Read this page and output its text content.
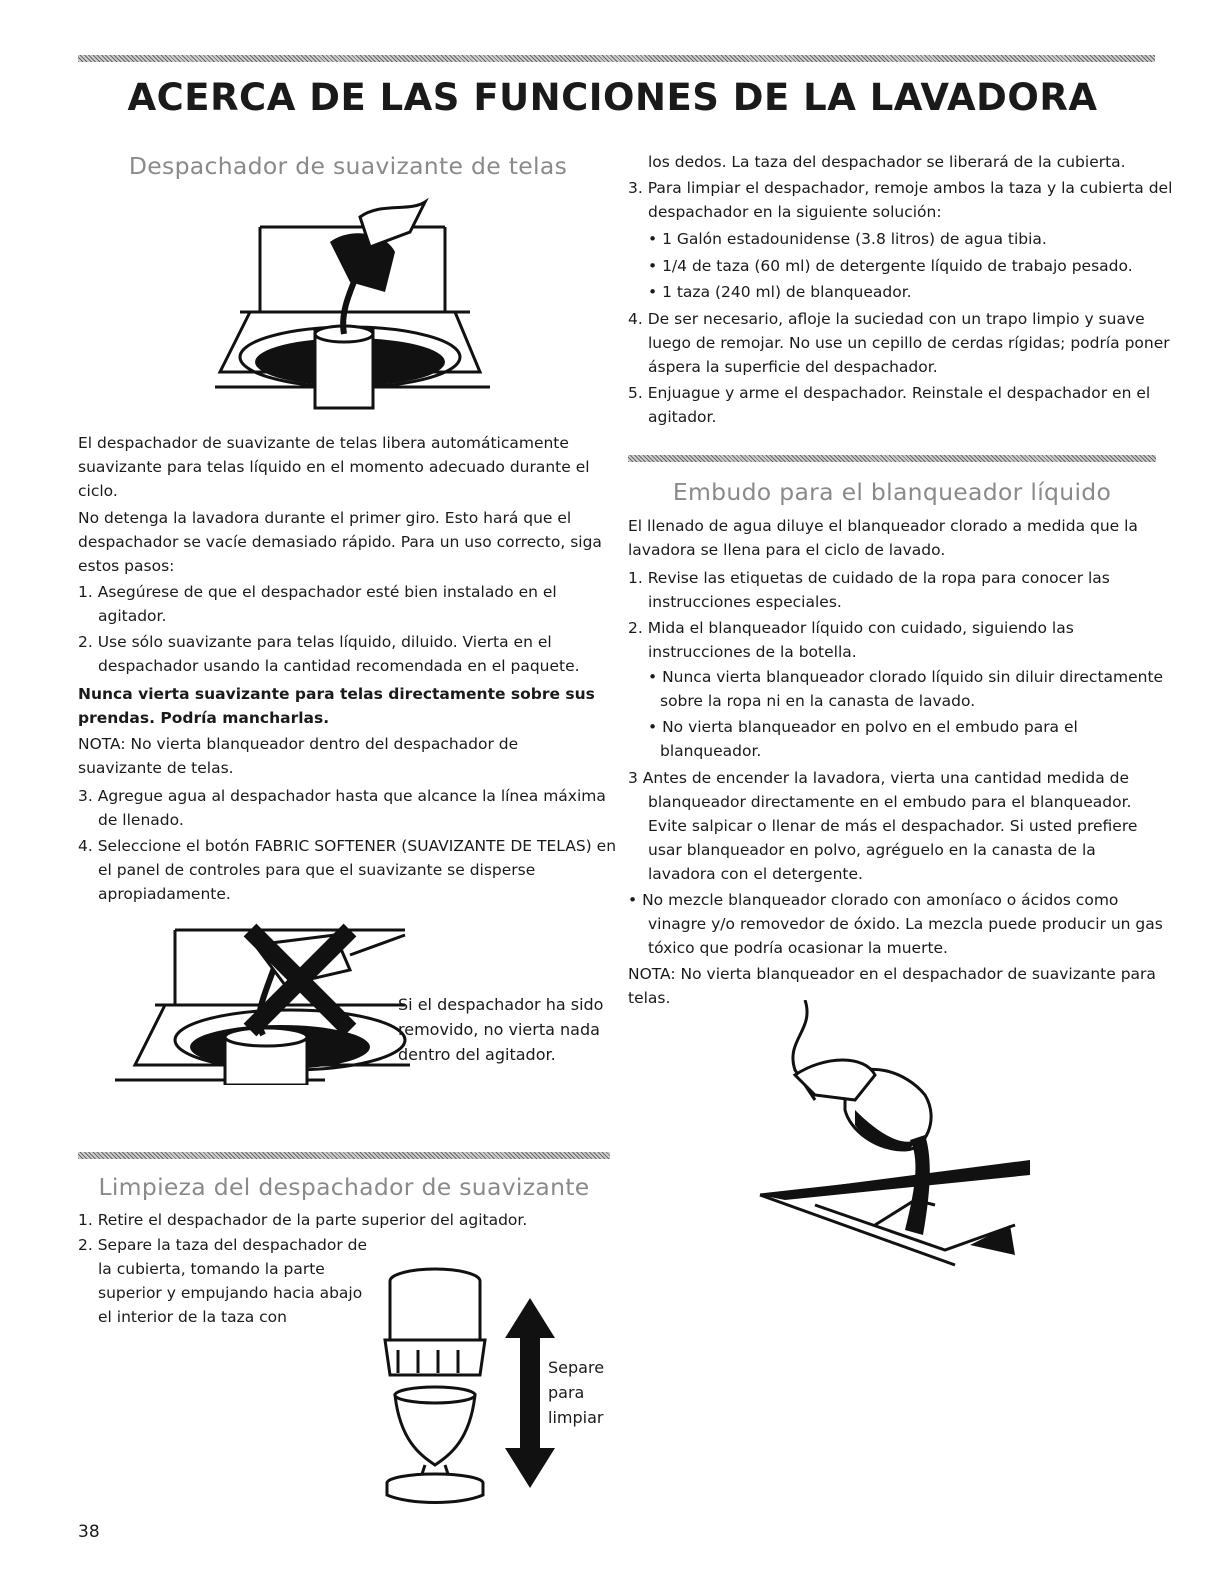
ACERCA DE LAS FUNCIONES DE LA LAVADORA
Despachador de suavizante de telas

El despachador de suavizante de telas libera automáticamente suavizante para telas líquido en el momento adecuado durante el ciclo.

No detenga la lavadora durante el primer giro. Esto hará que el despachador se vacíe demasiado rápido. Para un uso correcto, siga estos pasos:

1. Asegúrese de que el despachador esté bien instalado en el agitador.

2. Use sólo suavizante para telas líquido, diluido. Vierta en el despachador usando la cantidad recomendada en el paquete.

Nunca vierta suavizante para telas directamente sobre sus prendas. Podría mancharlas.

NOTA: No vierta blanqueador dentro del despachador de suavizante de telas.

3. Agregue agua al despachador hasta que alcance la línea máxima de llenado.

4. Seleccione el botón FABRIC SOFTENER (SUAVIZANTE DE TELAS) en el panel de controles para que el suavizante se disperse apropiadamente.

Si el despachador ha sido removido, no vierta nada dentro del agitador.

Limpieza del despachador de suavizante

1. Retire el despachador de la parte superior del agitador.

2. Separe la taza del despachador de la cubierta, tomando la parte superior y empujando hacia abajo el interior de la taza con

Separe

para

limpiar

38

los dedos. La taza del despachador se liberará de la cubierta.

3. Para limpiar el despachador, remoje ambos la taza y la cubierta del despachador en la siguiente solución:

• 1 Galón estadounidense (3.8 litros) de agua tibia.

• 1/4 de taza (60 ml) de detergente líquido de trabajo pesado.

• 1 taza (240 ml) de blanqueador.

4. De ser necesario, afloje la suciedad con un trapo limpio y suave luego de remojar. No use un cepillo de cerdas rígidas; podría poner áspera la superficie del despachador.

5. Enjuague y arme el despachador. Reinstale el despachador en el agitador.

Embudo para el blanqueador líquido

El llenado de agua diluye el blanqueador clorado a medida que la lavadora se llena para el ciclo de lavado.

1. Revise las etiquetas de cuidado de la ropa para conocer las instrucciones especiales.

2. Mida el blanqueador líquido con cuidado, siguiendo las instrucciones de la botella.

• Nunca vierta blanqueador clorado líquido sin diluir directamente sobre la ropa ni en la canasta de lavado.

• No vierta blanqueador en polvo en el embudo para el blanqueador.

3 Antes de encender la lavadora, vierta una cantidad medida de blanqueador directamente en el embudo para el blanqueador. Evite salpicar o llenar de más el despachador. Si usted prefiere usar blanqueador en polvo, agréguelo en la canasta de la lavadora con el detergente.

• No mezcle blanqueador clorado con amoníaco o ácidos como vinagre y/o removedor de óxido. La mezcla puede producir un gas tóxico que podría ocasionar la muerte.

NOTA: No vierta blanqueador en el despachador de suavizante para telas.
